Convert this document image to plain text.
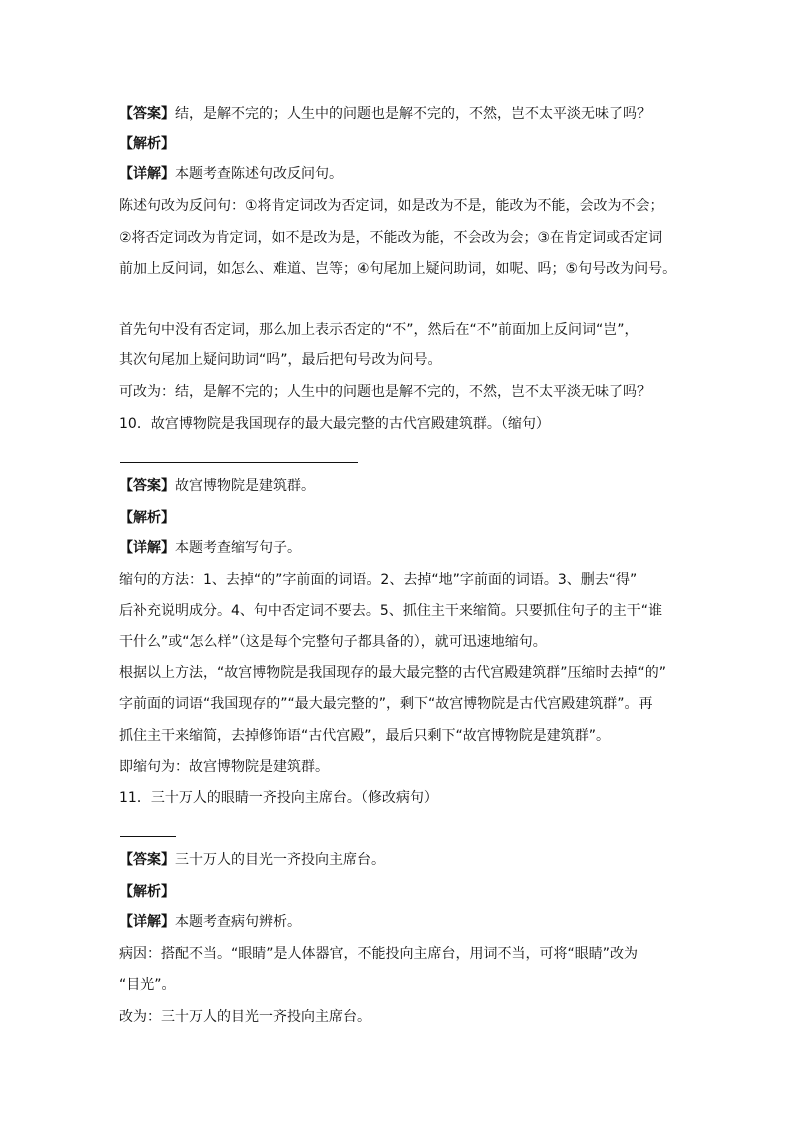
【答案】结，是解不完的；人生中的问题也是解不完的，不然，岂不太平淡无味了吗？
【解析】
【详解】本题考查陈述句改反问句。
陈述句改为反问句：①将肯定词改为否定词，如是改为不是，能改为不能，会改为不会；
②将否定词改为肯定词，如不是改为是，不能改为能，不会改为会；③在肯定词或否定词
前加上反问词，如怎么、难道、岂等；④句尾加上疑问助词，如呢、吗；⑤句号改为问号。
首先句中没有否定词，那么加上表示否定的“不”，然后在“不”前面加上反问词“岂”，
其次句尾加上疑问助词“吗”，最后把句号改为问号。
可改为：结，是解不完的；人生中的问题也是解不完的，不然，岂不太平淡无味了吗？
10．故宫博物院是我国现存的最大最完整的古代宫殿建筑群。（缩句）
【答案】故宫博物院是建筑群。
【解析】
【详解】本题考查缩写句子。
缩句的方法：1、去掉“的”字前面的词语。2、去掉“地”字前面的词语。3、删去“得”
后补充说明成分。4、句中否定词不要去。5、抓住主干来缩简。只要抓住句子的主干“谁
干什么”或“怎么样”（这是每个完整句子都具备的），就可迅速地缩句。
根据以上方法，“故宫博物院是我国现存的最大最完整的古代宫殿建筑群”压缩时去掉“的”
字前面的词语“我国现存的”“最大最完整的”，剩下“故宫博物院是古代宫殿建筑群”。再
抓住主干来缩简，去掉修饰语“古代宫殿”，最后只剩下“故宫博物院是建筑群”。
即缩句为：故宫博物院是建筑群。
11．三十万人的眼睛一齐投向主席台。（修改病句）
【答案】三十万人的目光一齐投向主席台。
【解析】
【详解】本题考查病句辨析。
病因：搭配不当。“眼睛”是人体器官，不能投向主席台，用词不当，可将“眼睛”改为
“目光”。
改为：三十万人的目光一齐投向主席台。
